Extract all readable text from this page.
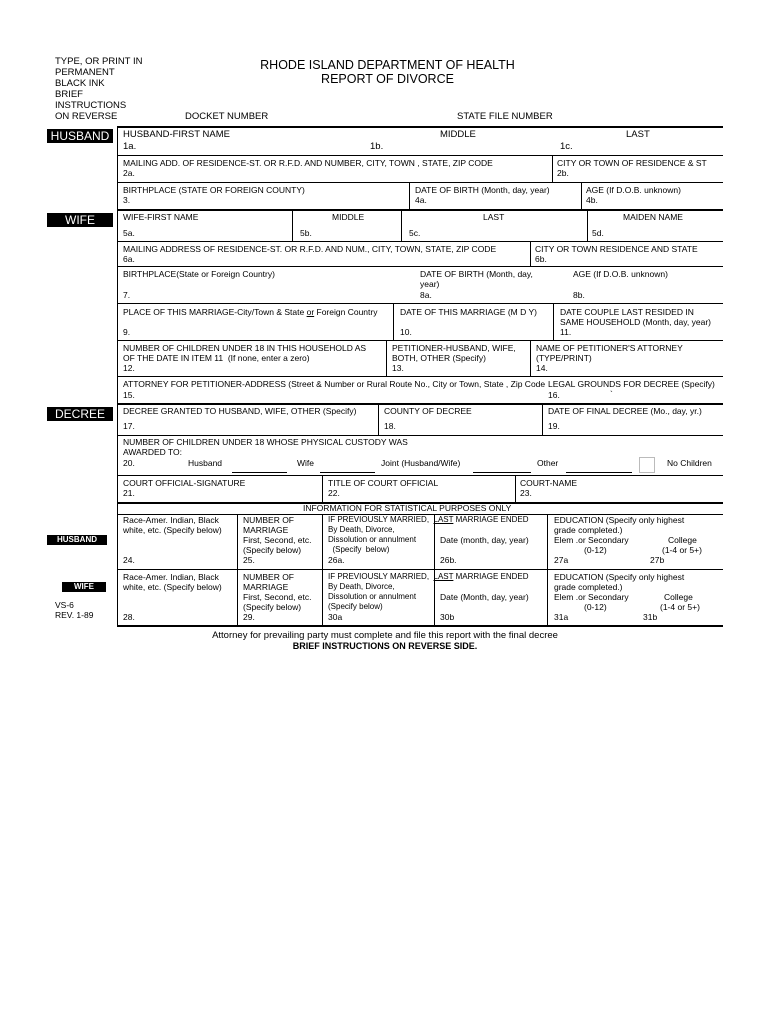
TYPE, OR PRINT IN
PERMANENT
BLACK INK
BRIEF
INSTRUCTIONS
ON REVERSE
RHODE ISLAND DEPARTMENT OF HEALTH
REPORT OF DIVORCE
DOCKET NUMBER	STATE FILE NUMBER
HUSBAND
WIFE
DECREE
HUSBAND
WIFE
HUSBAND-FIRST NAME
1a.
MIDDLE
1b.
LAST
1c.
MAILING ADD. OF RESIDENCE-ST. OR R.F.D. AND NUMBER, CITY, TOWN , STATE, ZIP CODE
2a.
CITY OR TOWN OF RESIDENCE & ST
2b.
BIRTHPLACE (STATE OR FOREIGN COUNTY)
3.
DATE OF BIRTH (Month, day, year)
4a.
AGE (If D.O.B. unknown)
4b.
WIFE-FIRST NAME
5a.
MIDDLE
5b.
LAST
5c.
MAIDEN NAME
5d.
MAILING ADDRESS OF RESIDENCE-ST. OR R.F.D. AND NUM., CITY, TOWN, STATE, ZIP CODE
6a.
CITY OR TOWN RESIDENCE AND STATE
6b.
BIRTHPLACE(State or Foreign Country)
7.
DATE OF BIRTH (Month, day,
year)
8a.
AGE (If D.O.B. unknown)
8b.
PLACE OF THIS MARRIAGE-City/Town & State or Foreign Country
9.
DATE OF THIS MARRIAGE (M D Y)
10.
DATE COUPLE LAST RESIDED IN
SAME HOUSEHOLD (Month, day, year)
11.
NUMBER OF CHILDREN UNDER 18 IN THIS HOUSEHOLD AS
OF THE DATE IN ITEM 11  (If none, enter a zero)
12.
PETITIONER-HUSBAND, WIFE,
BOTH, OTHER (Specify)
13.
NAME OF PETITIONER'S ATTORNEY
(TYPE/PRINT)
14.
ATTORNEY FOR PETITIONER-ADDRESS (Street & Number or Rural Route No., City or Town, State , Zip Code
15.
LEGAL GROUNDS FOR DECREE (Specify)
16.	`
DECREE GRANTED TO HUSBAND, WIFE, OTHER (Specify)
17.
COUNTY OF DECREE
18.
DATE OF FINAL DECREE (Mo., day, yr.)
19.
NUMBER OF CHILDREN UNDER 18 WHOSE PHYSICAL CUSTODY WAS
AWARDED TO:
20.	Husband	Wife	Joint (Husband/Wife)	Other	No Children
COURT OFFICIAL-SIGNATURE
21.
TITLE OF COURT OFFICIAL
22.
COURT-NAME
23.
INFORMATION FOR STATISTICAL PURPOSES ONLY
Race-Amer. Indian, Black
white, etc. (Specify below)
24.
NUMBER OF
MARRIAGE
First, Second, etc.
(Specify below)
25.
IF PREVIOUSLY MARRIED,  LAST MARRIAGE ENDED
By Death, Divorce,
Dissolution or annulment
(Specify  below)
26a.
Date (month, day, year)
26b.
EDUCATION (Specify only highest
grade completed.)
Elem .or Secondary
(0-12)
College
(1-4 or 5+)
27a	27b
Race-Amer. Indian, Black
white, etc. (Specify below)
28.
NUMBER OF
MARRIAGE
First, Second, etc.
(Specify below)
29.
IF PREVIOUSLY MARRIED,  LAST MARRIAGE ENDED
By Death, Divorce,
Dissolution or annulment
(Specify below)
30a
Date (Month, day, year)
30b
EDUCATION (Specify only highest
grade completed.)
Elem .or Secondary
(0-12)
College
(1-4 or 5+)
31a	31b
VS-6
REV. 1-89
Attorney for prevailing party must complete and file this report with the final decree
BRIEF INSTRUCTIONS ON REVERSE SIDE.
